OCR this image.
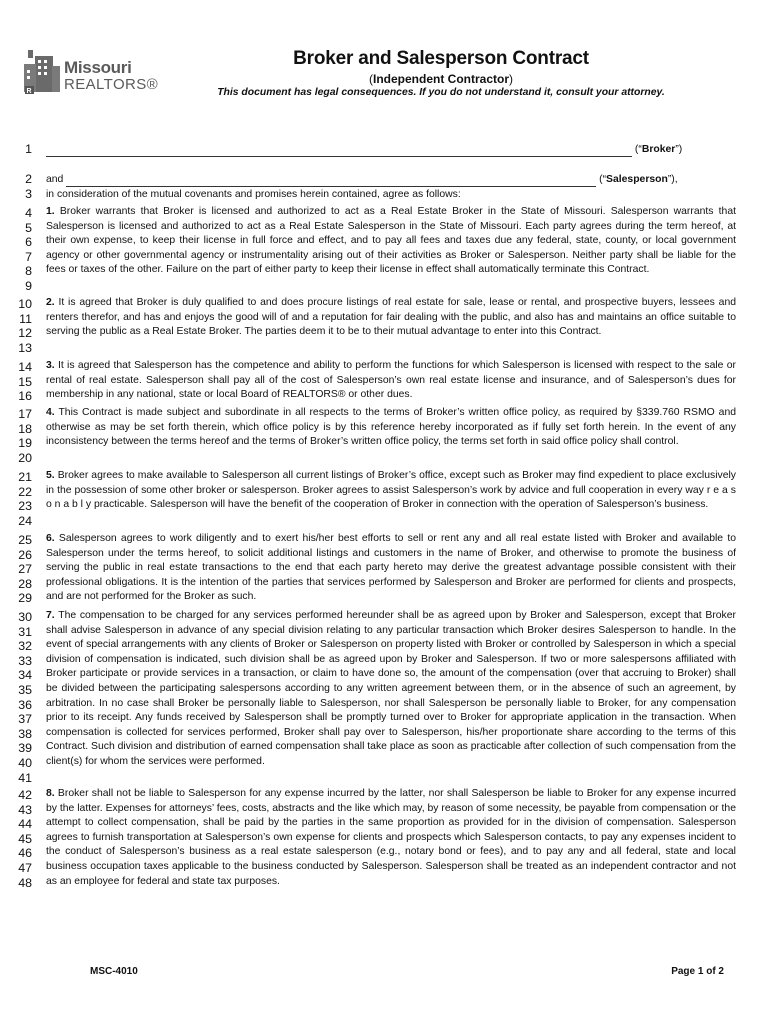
R
Missouri
REALTORS®
Broker and Salesperson Contract
(Independent Contractor)
This document has legal consequences. If you do not understand it, consult your attorney.
1
2
3
4
5
6
7
8
9
10
11
12
13
14
15
16
17
18
19
20
21
22
23
24
25
26
27
28
29
30
31
32
33
34
35
36
37
38
39
40
41
42
43
44
45
46
47
48
(“Broker”)
and	(“Salesperson”),
in consideration of the mutual covenants and promises herein contained, agree as follows:

1. Broker warrants that Broker is licensed and authorized to act as a Real Estate Broker in the State of Missouri. Salesperson warrants that Salesperson is licensed and authorized to act as a Real Estate Salesperson in the State of Missouri. Each party agrees during the term hereof, at their own expense, to keep their license in full force and effect, and to pay all fees and taxes due any federal, state, county, or local government agency or other governmental agency or instrumentality arising out of their activities as Broker or Salesperson. Neither party shall be liable for the fees or taxes of the other. Failure on the part of either party to keep their license in effect shall automatically terminate this Contract.

2. It is agreed that Broker is duly qualified to and does procure listings of real estate for sale, lease or rental, and prospective buyers, lessees and renters therefor, and has and enjoys the good will of and a reputation for fair dealing with the public, and also has and maintains an office suitable to serving the public as a Real Estate Broker. The parties deem it to be to their mutual advantage to enter into this Contract.

3. It is agreed that Salesperson has the competence and ability to perform the functions for which Salesperson is licensed with respect to the sale or rental of real estate. Salesperson shall pay all of the cost of Salesperson’s own real estate license and insurance, and of Salesperson’s dues for membership in any national, state or local Board of REALTORS® or other dues.

4. This Contract is made subject and subordinate in all respects to the terms of Broker’s written office policy, as required by §339.760 RSMO and otherwise as may be set forth therein, which office policy is by this reference hereby incorporated as if fully set forth herein. In the event of any inconsistency between the terms hereof and the terms of Broker’s written office policy, the terms set forth in said office policy shall control.

5. Broker agrees to make available to Salesperson all current listings of Broker’s office, except such as Broker may find expedient to place exclusively in the possession of some other broker or salesperson. Broker agrees to assist Salesperson’s work by advice and full cooperation in every way r e a s o n a b l y practicable. Salesperson will have the benefit of the cooperation of Broker in connection with the operation of Salesperson’s business.

6. Salesperson agrees to work diligently and to exert his/her best efforts to sell or rent any and all real estate listed with Broker and available to Salesperson under the terms hereof, to solicit additional listings and customers in the name of Broker, and otherwise to promote the business of serving the public in real estate transactions to the end that each party hereto may derive the greatest advantage possible consistent with their professional obligations. It is the intention of the parties that services performed by Salesperson and Broker are performed for clients and prospects, and are not performed for the Broker as such.

7. The compensation to be charged for any services performed hereunder shall be as agreed upon by Broker and Salesperson, except that Broker shall advise Salesperson in advance of any special division relating to any particular transaction which Broker desires Salesperson to handle. In the event of special arrangements with any clients of Broker or Salesperson on property listed with Broker or controlled by Salesperson in which a special division of compensation is indicated, such division shall be as agreed upon by Broker and Salesperson. If two or more salespersons affiliated with Broker participate or provide services in a transaction, or claim to have done so, the amount of the compensation (over that accruing to Broker) shall be divided between the participating salespersons according to any written agreement between them, or in the absence of such an agreement, by arbitration. In no case shall Broker be personally liable to Salesperson, nor shall Salesperson be personally liable to Broker, for any compensation prior to its receipt. Any funds received by Salesperson shall be promptly turned over to Broker for appropriate application in the transaction. When compensation is collected for services performed, Broker shall pay over to Salesperson, his/her proportionate share according to the terms of this Contract. Such division and distribution of earned compensation shall take place as soon as practicable after collection of such compensation from the client(s) for whom the services were performed.

8. Broker shall not be liable to Salesperson for any expense incurred by the latter, nor shall Salesperson be liable to Broker for any expense incurred by the latter. Expenses for attorneys’ fees, costs, abstracts and the like which may, by reason of some necessity, be payable from compensation or the attempt to collect compensation, shall be paid by the parties in the same proportion as provided for in the division of compensation. Salesperson agrees to furnish transportation at Salesperson’s own expense for clients and prospects which Salesperson contacts, to pay any expenses incident to the conduct of Salesperson’s business as a real estate salesperson (e.g., notary bond or fees), and to pay any and all federal, state and local business occupation taxes applicable to the business conducted by Salesperson. Salesperson shall be treated as an independent contractor and not as an employee for federal and state tax purposes.

MSC-4010	Page 1 of 2
